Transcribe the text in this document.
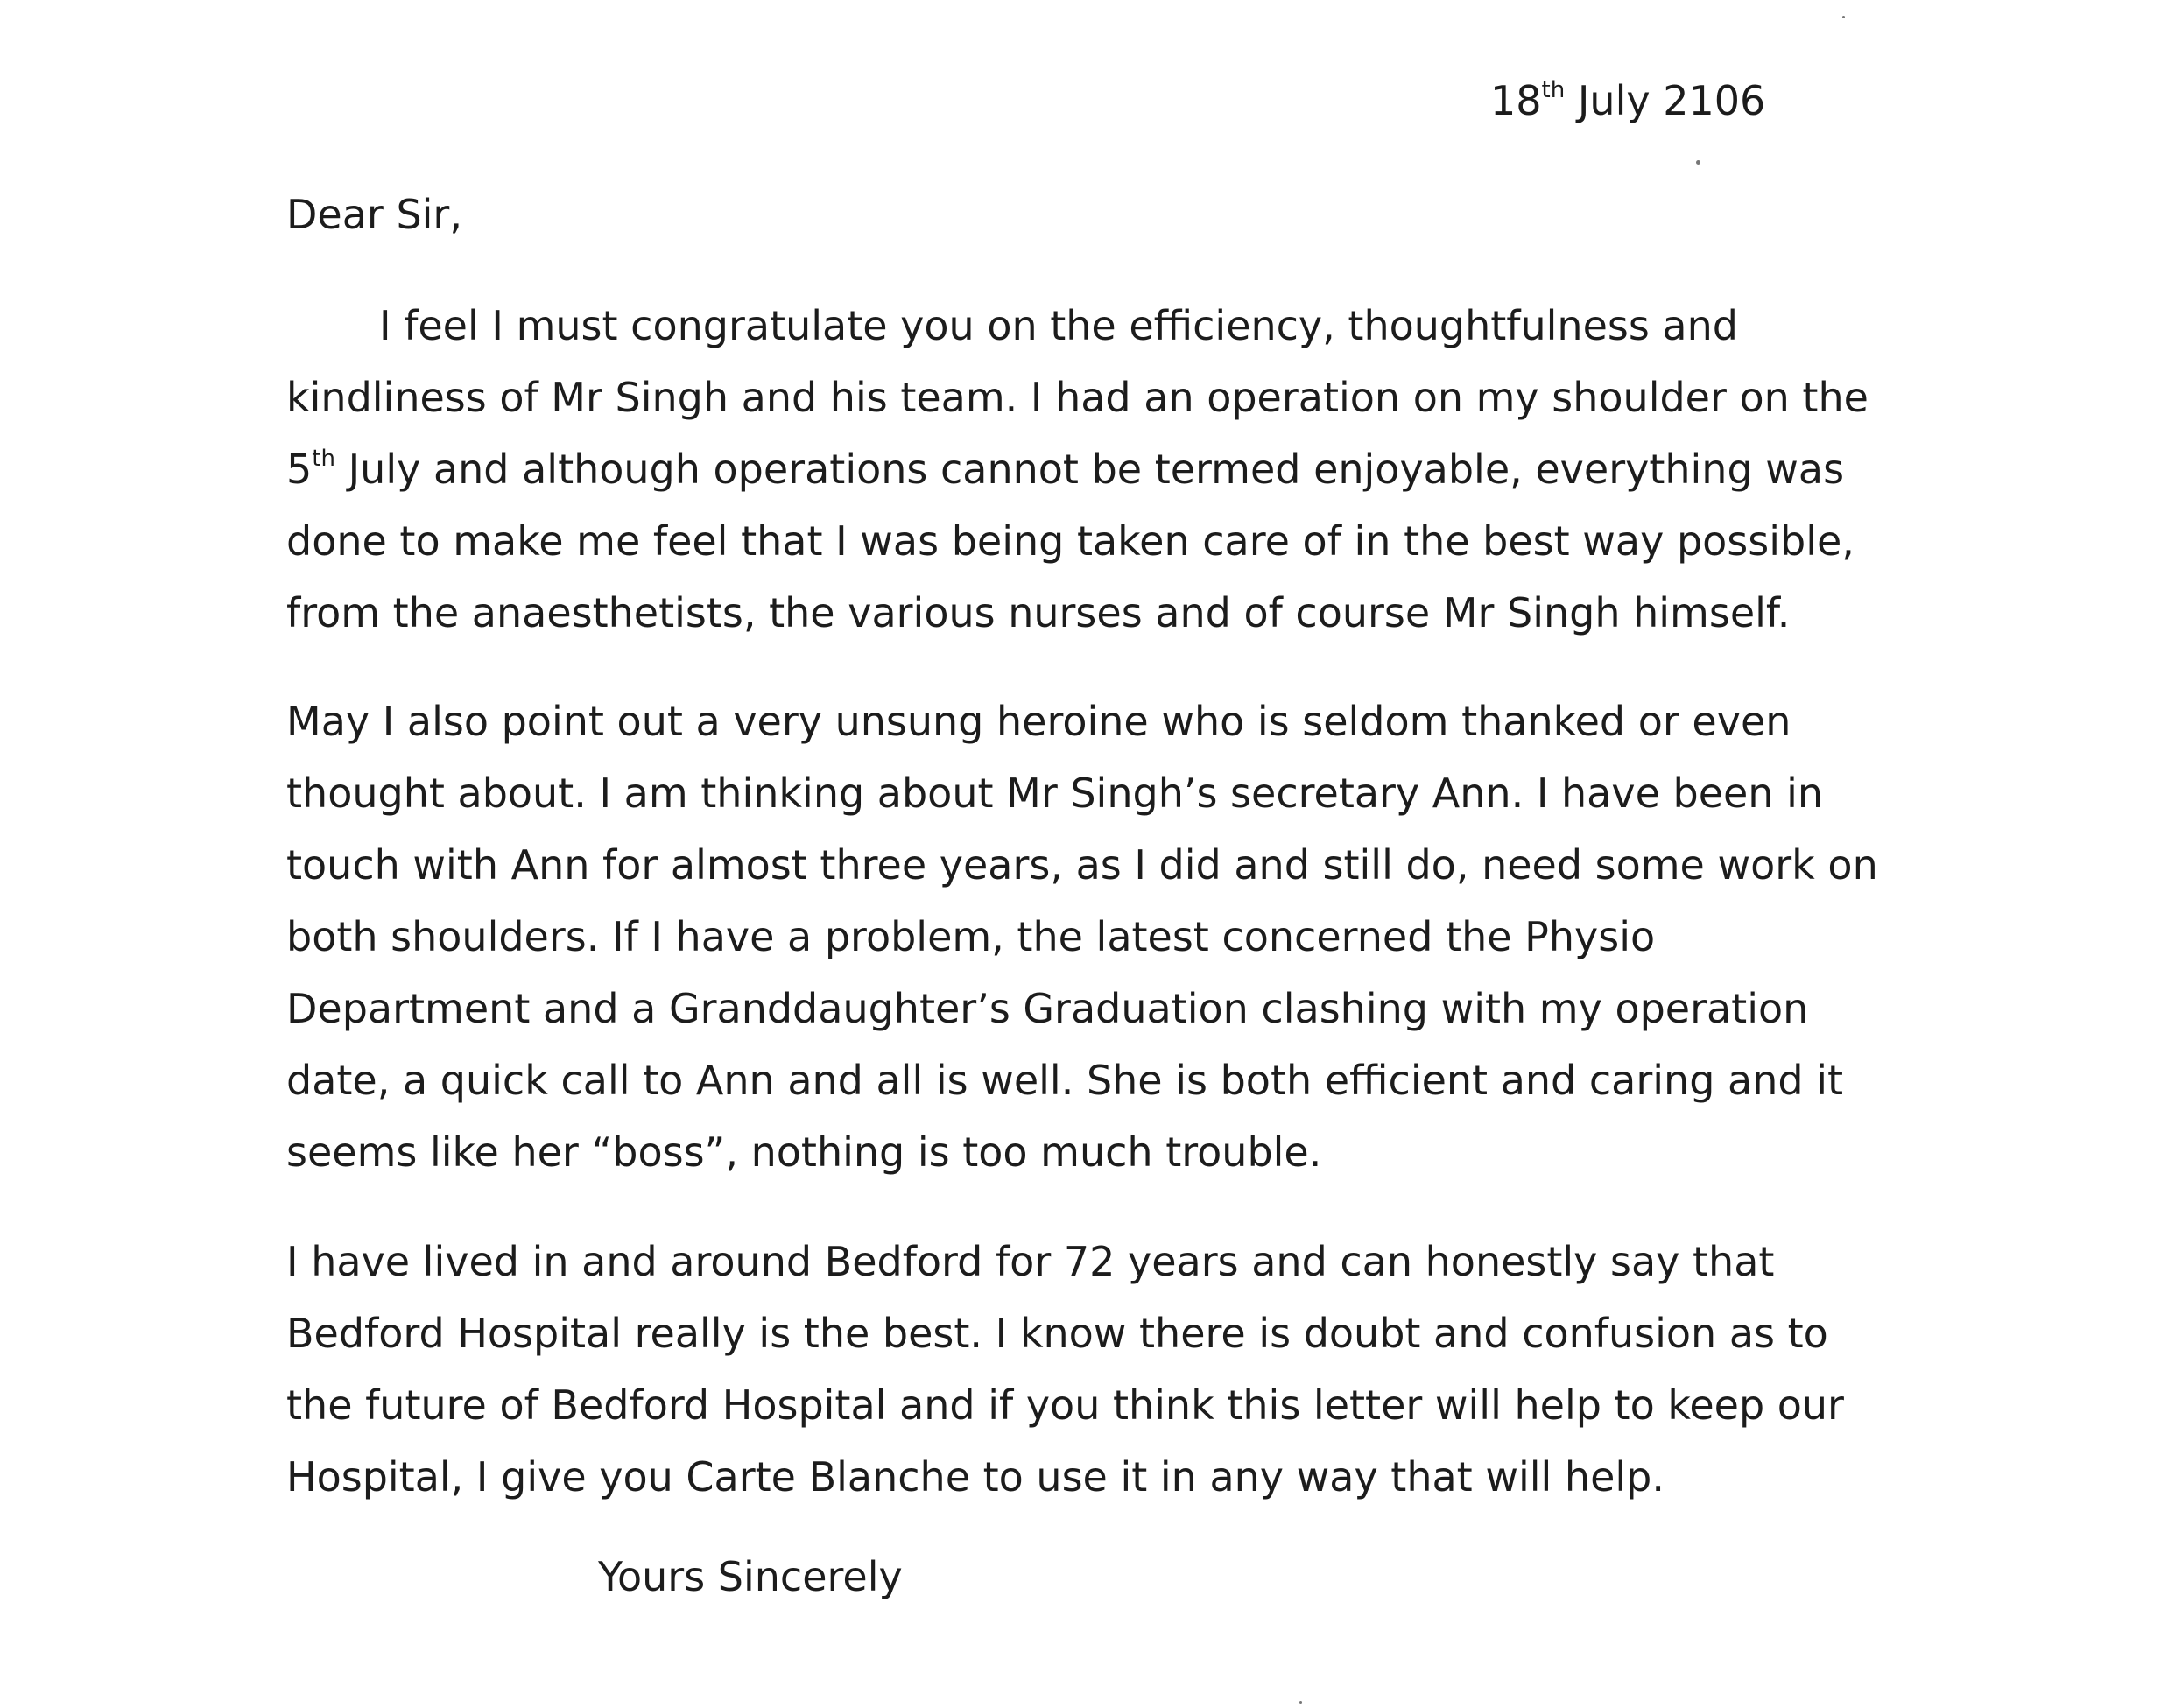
18th July 2106
Dear Sir,

I feel I must congratulate you on the efficiency, thoughtfulness and
kindliness of Mr Singh and his team. I had an operation on my shoulder on the
5th July and although operations cannot be termed enjoyable, everything was
done to make me feel that I was being taken care of in the best way possible,
from the anaesthetists, the various nurses and of course Mr Singh himself.

May I also point out a very unsung heroine who is seldom thanked or even
thought about. I am thinking about Mr Singh’s secretary Ann. I have been in
touch with Ann for almost three years, as I did and still do, need some work on
both shoulders. If I have a problem, the latest concerned the Physio
Department and a Granddaughter’s Graduation clashing with my operation
date, a quick call to Ann and all is well. She is both efficient and caring and it
seems like her “boss”, nothing is too much trouble.

I have lived in and around Bedford for 72 years and can honestly say that
Bedford Hospital really is the best. I know there is doubt and confusion as to
the future of Bedford Hospital and if you think this letter will help to keep our
Hospital, I give you Carte Blanche to use it in any way that will help.

Yours Sincerely
